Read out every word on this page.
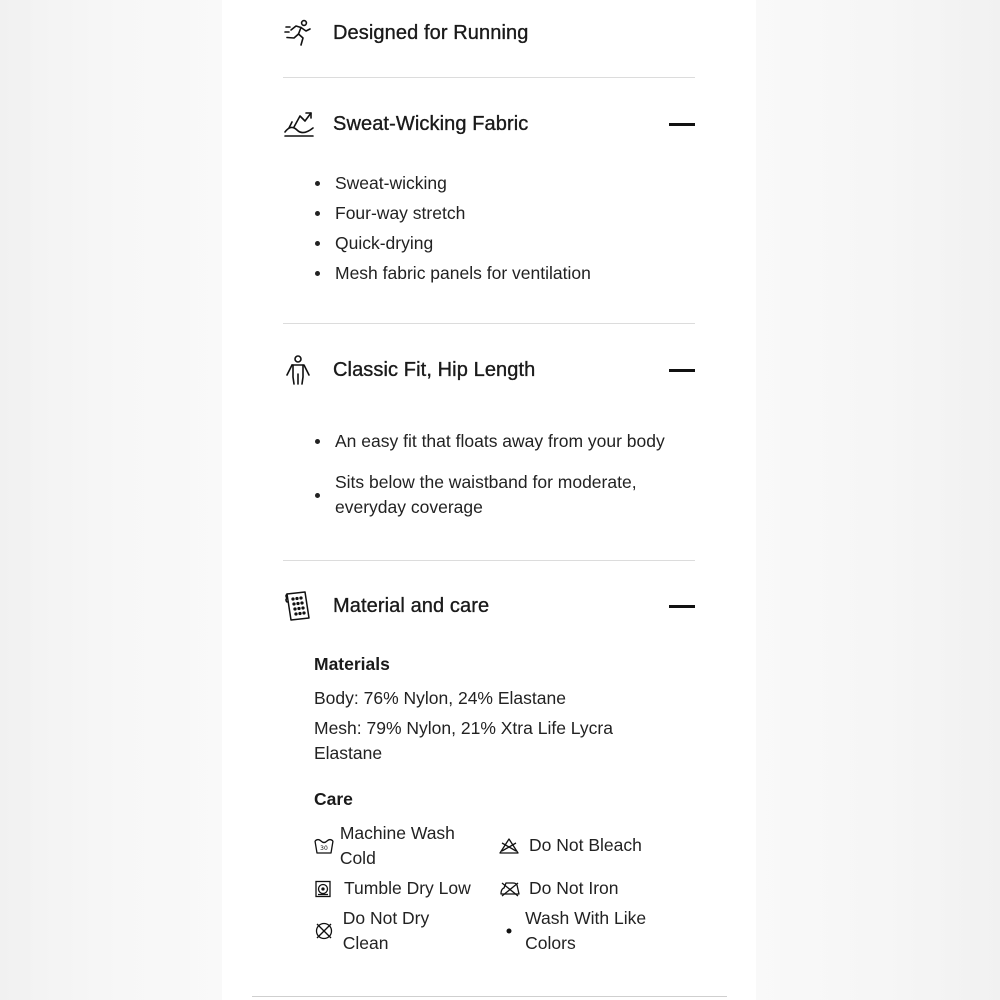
Designed for Running
Sweat-Wicking Fabric
Sweat-wicking
Four-way stretch
Quick-drying
Mesh fabric panels for ventilation
Classic Fit, Hip Length
An easy fit that floats away from your body
Sits below the waistband for moderate, everyday coverage
Material and care
Materials
Body: 76% Nylon, 24% Elastane
Mesh: 79% Nylon, 21% Xtra Life Lycra Elastane
Care
30
Machine Wash Cold
Do Not Bleach
Tumble Dry Low	Do Not Iron
Do Not Dry Clean
Wash With Like Colors
